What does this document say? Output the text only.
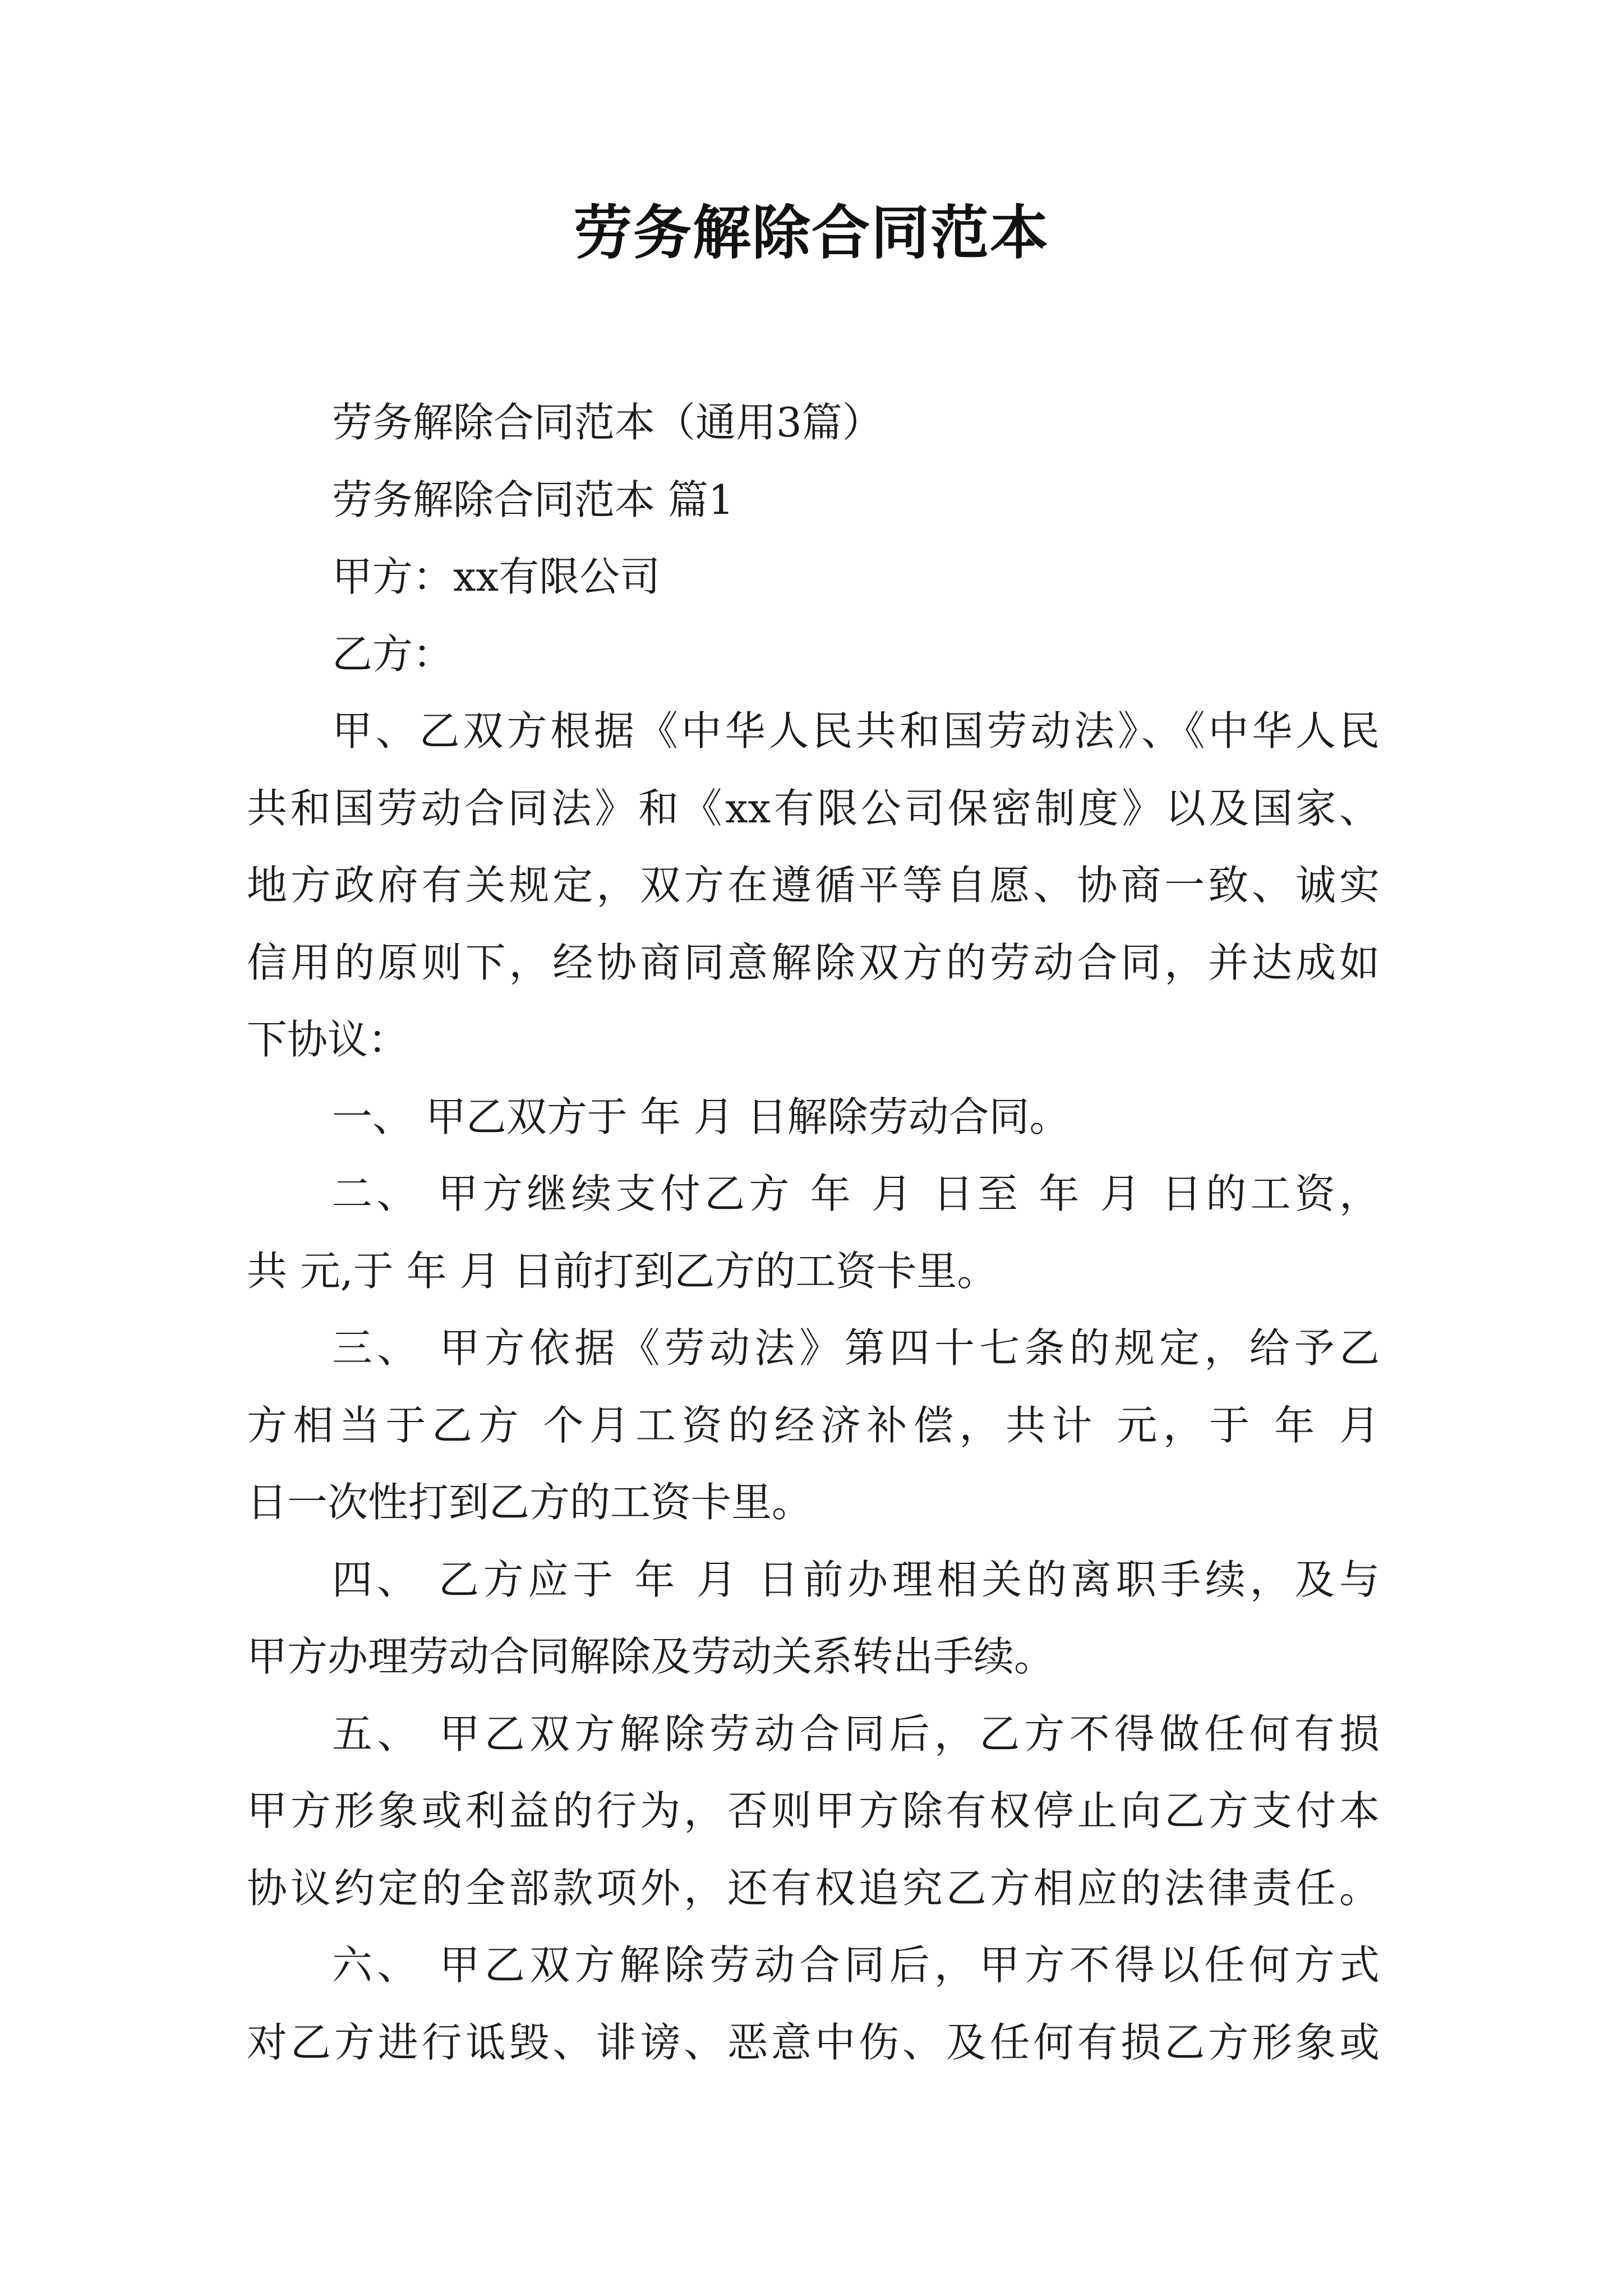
劳务解除合同范本
劳务解除合同范本（通用3篇）
劳务解除合同范本 篇1
甲方：xx有限公司
乙方：
甲、乙双方根据《中华人民共和国劳动法》、《中华人民
共和国劳动合同法》和《xx有限公司保密制度》以及国家、
地方政府有关规定，双方在遵循平等自愿、协商一致、诚实
信用的原则下，经协商同意解除双方的劳动合同，并达成如
下协议：
一、 甲乙双方于 年 月 日解除劳动合同。
二、 甲方继续支付乙方 年 月 日至 年 月 日的工资，
共 元,于 年 月 日前打到乙方的工资卡里。
三、 甲方依据《劳动法》第四十七条的规定，给予乙
方相当于乙方 个月工资的经济补偿，共计 元，于 年 月
日一次性打到乙方的工资卡里。
四、 乙方应于 年 月 日前办理相关的离职手续，及与
甲方办理劳动合同解除及劳动关系转出手续。
五、 甲乙双方解除劳动合同后，乙方不得做任何有损
甲方形象或利益的行为，否则甲方除有权停止向乙方支付本
协议约定的全部款项外，还有权追究乙方相应的法律责任。
六、 甲乙双方解除劳动合同后，甲方不得以任何方式
对乙方进行诋毁、诽谤、恶意中伤、及任何有损乙方形象或
